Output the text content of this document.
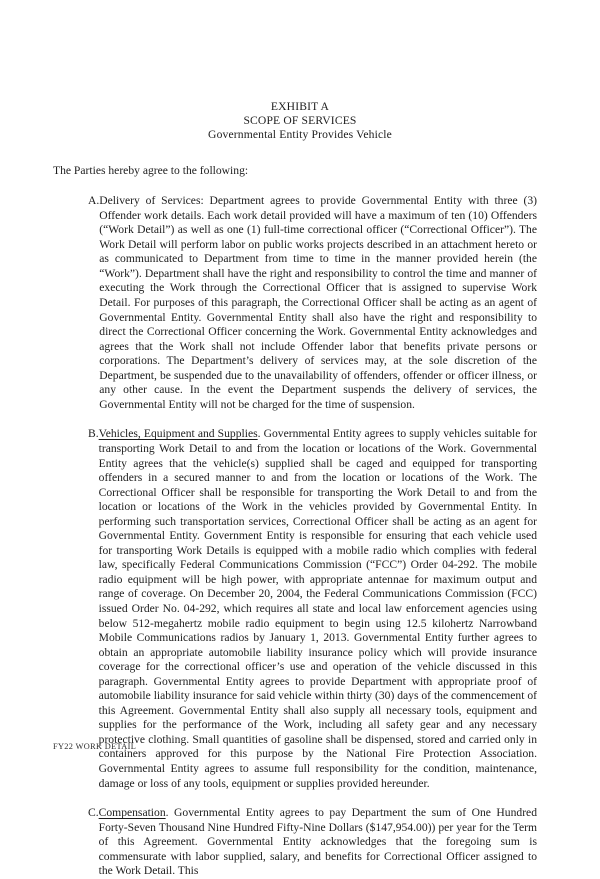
EXHIBIT A
SCOPE OF SERVICES
Governmental Entity Provides Vehicle

The Parties hereby agree to the following:

A. Delivery of Services: Department agrees to provide Governmental Entity with three (3) Offender work details. Each work detail provided will have a maximum of ten (10) Offenders (“Work Detail”) as well as one (1) full-time correctional officer (“Correctional Officer”). The Work Detail will perform labor on public works projects described in an attachment hereto or as communicated to Department from time to time in the manner provided herein (the “Work”). Department shall have the right and responsibility to control the time and manner of executing the Work through the Correctional Officer that is assigned to supervise Work Detail. For purposes of this paragraph, the Correctional Officer shall be acting as an agent of Governmental Entity. Governmental Entity shall also have the right and responsibility to direct the Correctional Officer concerning the Work. Governmental Entity acknowledges and agrees that the Work shall not include Offender labor that benefits private persons or corporations. The Department’s delivery of services may, at the sole discretion of the Department, be suspended due to the unavailability of offenders, offender or officer illness, or any other cause. In the event the Department suspends the delivery of services, the Governmental Entity will not be charged for the time of suspension.
B. Vehicles, Equipment and Supplies. Governmental Entity agrees to supply vehicles suitable for transporting Work Detail to and from the location or locations of the Work. Governmental Entity agrees that the vehicle(s) supplied shall be caged and equipped for transporting offenders in a secured manner to and from the location or locations of the Work. The Correctional Officer shall be responsible for transporting the Work Detail to and from the location or locations of the Work in the vehicles provided by Governmental Entity. In performing such transportation services, Correctional Officer shall be acting as an agent for Governmental Entity. Government Entity is responsible for ensuring that each vehicle used for transporting Work Details is equipped with a mobile radio which complies with federal law, specifically Federal Communications Commission (“FCC”) Order 04-292. The mobile radio equipment will be high power, with appropriate antennae for maximum output and range of coverage. On December 20, 2004, the Federal Communications Commission (FCC) issued Order No. 04-292, which requires all state and local law enforcement agencies using below 512-megahertz mobile radio equipment to begin using 12.5 kilohertz Narrowband Mobile Communications radios by January 1, 2013. Governmental Entity further agrees to obtain an appropriate automobile liability insurance policy which will provide insurance coverage for the correctional officer’s use and operation of the vehicle discussed in this paragraph. Governmental Entity agrees to provide Department with appropriate proof of automobile liability insurance for said vehicle within thirty (30) days of the commencement of this Agreement. Governmental Entity shall also supply all necessary tools, equipment and supplies for the performance of the Work, including all safety gear and any necessary protective clothing. Small quantities of gasoline shall be dispensed, stored and carried only in containers approved for this purpose by the National Fire Protection Association. Governmental Entity agrees to assume full responsibility for the condition, maintenance, damage or loss of any tools, equipment or supplies provided hereunder.
C. Compensation. Governmental Entity agrees to pay Department the sum of One Hundred Forty-Seven Thousand Nine Hundred Fifty-Nine Dollars ($147,954.00)) per year for the Term of this Agreement. Governmental Entity acknowledges that the foregoing sum is commensurate with labor supplied, salary, and benefits for Correctional Officer assigned to the Work Detail. This
FY22 WORK DETAIL
